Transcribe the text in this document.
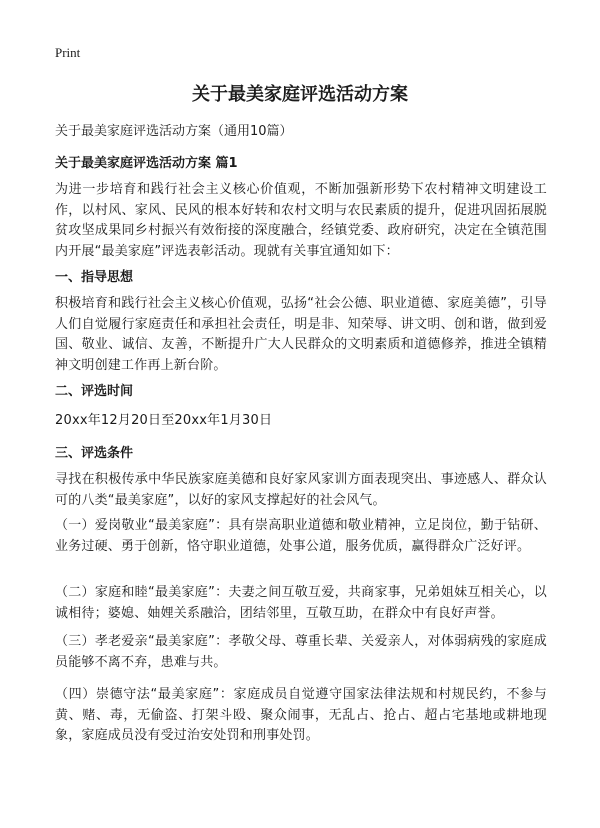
Print
关于最美家庭评选活动方案
关于最美家庭评选活动方案（通用10篇）
关于最美家庭评选活动方案 篇1
为进一步培育和践行社会主义核心价值观，不断加强新形势下农村精神文明建设工作，以村风、家风、民风的根本好转和农村文明与农民素质的提升，促进巩固拓展脱贫攻坚成果同乡村振兴有效衔接的深度融合，经镇党委、政府研究，决定在全镇范围内开展“最美家庭”评选表彰活动。现就有关事宜通知如下：
一、指导思想
积极培育和践行社会主义核心价值观，弘扬“社会公德、职业道德、家庭美德”，引导人们自觉履行家庭责任和承担社会责任，明是非、知荣辱、讲文明、创和谐，做到爱国、敬业、诚信、友善，不断提升广大人民群众的文明素质和道德修养，推进全镇精神文明创建工作再上新台阶。
二、评选时间
20xx年12月20日至20xx年1月30日
三、评选条件
寻找在积极传承中华民族家庭美德和良好家风家训方面表现突出、事迹感人、群众认可的八类“最美家庭”，以好的家风支撑起好的社会风气。
（一）爱岗敬业“最美家庭”：具有崇高职业道德和敬业精神，立足岗位，勤于钻研、业务过硬、勇于创新，恪守职业道德，处事公道，服务优质，赢得群众广泛好评。
（二）家庭和睦“最美家庭”：夫妻之间互敬互爱，共商家事，兄弟姐妹互相关心，以诚相待；婆媳、妯娌关系融洽，团结邻里，互敬互助，在群众中有良好声誉。
（三）孝老爱亲“最美家庭”：孝敬父母、尊重长辈、关爱亲人，对体弱病残的家庭成员能够不离不弃，患难与共。
（四）崇德守法“最美家庭”：家庭成员自觉遵守国家法律法规和村规民约，不参与黄、赌、毒，无偷盗、打架斗殴、聚众闹事，无乱占、抢占、超占宅基地或耕地现象，家庭成员没有受过治安处罚和刑事处罚。
